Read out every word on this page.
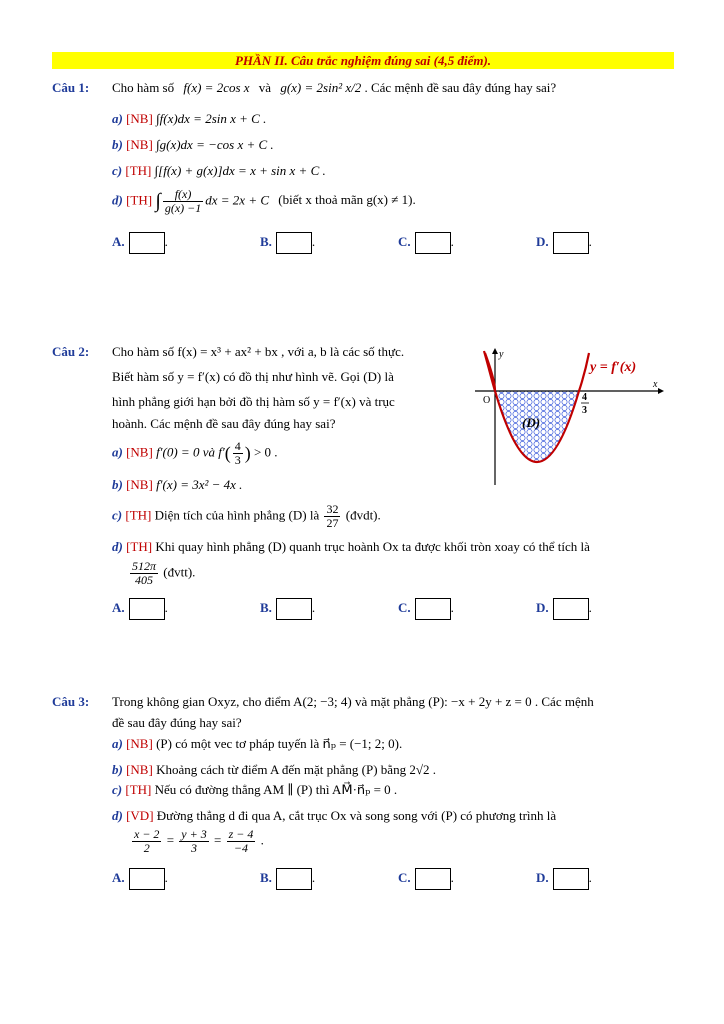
PHẦN II. Câu trắc nghiệm đúng sai (4,5 điểm).
Câu 1: Cho hàm số f(x) = 2cos x và g(x) = 2sin² x/2 . Các mệnh đề sau đây đúng hay sai?
a) [NB] ∫f(x)dx = 2sin x + C .
b) [NB] ∫g(x)dx = −cos x + C .
c) [TH] ∫[f(x) + g(x)]dx = x + sin x + C .
d) [TH] ∫ $\frac{f(x)}{g(x) -1}$ dx = 2x + C (biết x thoả mãn g(x) ≠ 1).
A.	.	B.	.	C.	.	D.	.
Câu 2: Cho hàm số f(x) = x³ + ax² + bx , với a, b là các số thực.
Biết hàm số y = f′(x) có đồ thị như hình vẽ. Gọi (D) là
hình phẳng giới hạn bởi đồ thị hàm số y = f′(x) và trục
hoành. Các mệnh đề sau đây đúng hay sai?
a) [NB] f′(0) = 0 và $f'( \frac{4}{3}$ ) > 0 .
b) [NB] f′(x) = 3x² − 4x .
c) [TH] Diện tích của hình phẳng (D) là $\frac{32}{27}$ (đvdt).
d) [TH] Khi quay hình phẳng (D) quanh trục hoành Ox ta được khối tròn xoay có thể tích là
$\frac{512\pi}{405}$ (đvtt).
y
x
O	4
3
(D)
y = f′(x)
A.	.	B.	.	C.	.	D.	.
Câu 3: Trong không gian Oxyz, cho điểm A(2; −3; 4) và mặt phẳng (P): −x + 2y + z = 0 . Các mệnh
đề sau đây đúng hay sai?
a) [NB] (P) có một vec tơ pháp tuyến là n⃗ₚ = (−1; 2; 0).
b) [NB] Khoảng cách từ điểm A đến mặt phẳng (P) bằng 2√2 .
c) [TH] Nếu có đường thẳng AM ∥ (P) thì AM⃗·n⃗ₚ = 0 .
d) [VD] Đường thẳng d đi qua A, cắt trục Ox và song song với (P) có phương trình là
$\frac{x - 2}{2} = \frac{y + 3}{3} = \frac{z - 4}{-4}$ .
A.	.	B.	.	C.	.	D.	.
